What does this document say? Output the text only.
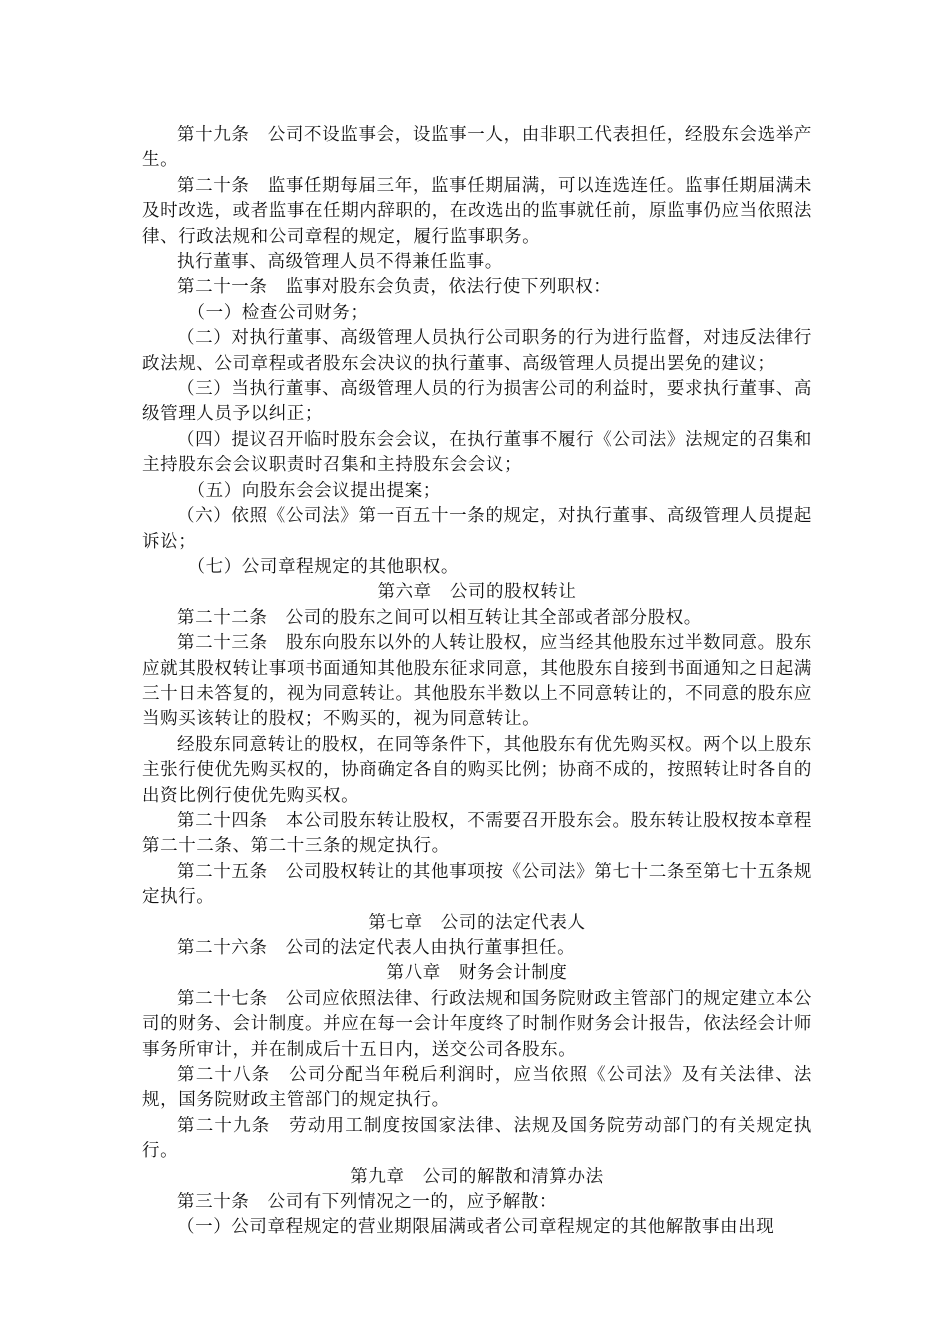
第十九条　公司不设监事会，设监事一人，由非职工代表担任，经股东会选举产生。

第二十条　监事任期每届三年，监事任期届满，可以连选连任。监事任期届满未及时改选，或者监事在任期内辞职的，在改选出的监事就任前，原监事仍应当依照法律、行政法规和公司章程的规定，履行监事职务。

执行董事、高级管理人员不得兼任监事。

第二十一条　监事对股东会负责，依法行使下列职权：

（一）检查公司财务；

（二）对执行董事、高级管理人员执行公司职务的行为进行监督，对违反法律行政法规、公司章程或者股东会决议的执行董事、高级管理人员提出罢免的建议；

（三）当执行董事、高级管理人员的行为损害公司的利益时，要求执行董事、高级管理人员予以纠正；

（四）提议召开临时股东会会议，在执行董事不履行《公司法》法规定的召集和主持股东会会议职责时召集和主持股东会会议；

（五）向股东会会议提出提案；

（六）依照《公司法》第一百五十一条的规定，对执行董事、高级管理人员提起诉讼；

（七）公司章程规定的其他职权。

第六章　公司的股权转让

第二十二条　公司的股东之间可以相互转让其全部或者部分股权。

第二十三条　股东向股东以外的人转让股权，应当经其他股东过半数同意。股东应就其股权转让事项书面通知其他股东征求同意，其他股东自接到书面通知之日起满三十日未答复的，视为同意转让。其他股东半数以上不同意转让的，不同意的股东应当购买该转让的股权；不购买的，视为同意转让。

经股东同意转让的股权，在同等条件下，其他股东有优先购买权。两个以上股东主张行使优先购买权的，协商确定各自的购买比例；协商不成的，按照转让时各自的出资比例行使优先购买权。

第二十四条　本公司股东转让股权，不需要召开股东会。股东转让股权按本章程第二十二条、第二十三条的规定执行。

第二十五条　公司股权转让的其他事项按《公司法》第七十二条至第七十五条规定执行。

第七章　公司的法定代表人

第二十六条　公司的法定代表人由执行董事担任。

第八章　财务会计制度

第二十七条　公司应依照法律、行政法规和国务院财政主管部门的规定建立本公司的财务、会计制度。并应在每一会计年度终了时制作财务会计报告，依法经会计师事务所审计，并在制成后十五日内，送交公司各股东。

第二十八条　公司分配当年税后利润时，应当依照《公司法》及有关法律、法规，国务院财政主管部门的规定执行。

第二十九条　劳动用工制度按国家法律、法规及国务院劳动部门的有关规定执行。

第九章　公司的解散和清算办法

第三十条　公司有下列情况之一的，应予解散：

（一）公司章程规定的营业期限届满或者公司章程规定的其他解散事由出现
